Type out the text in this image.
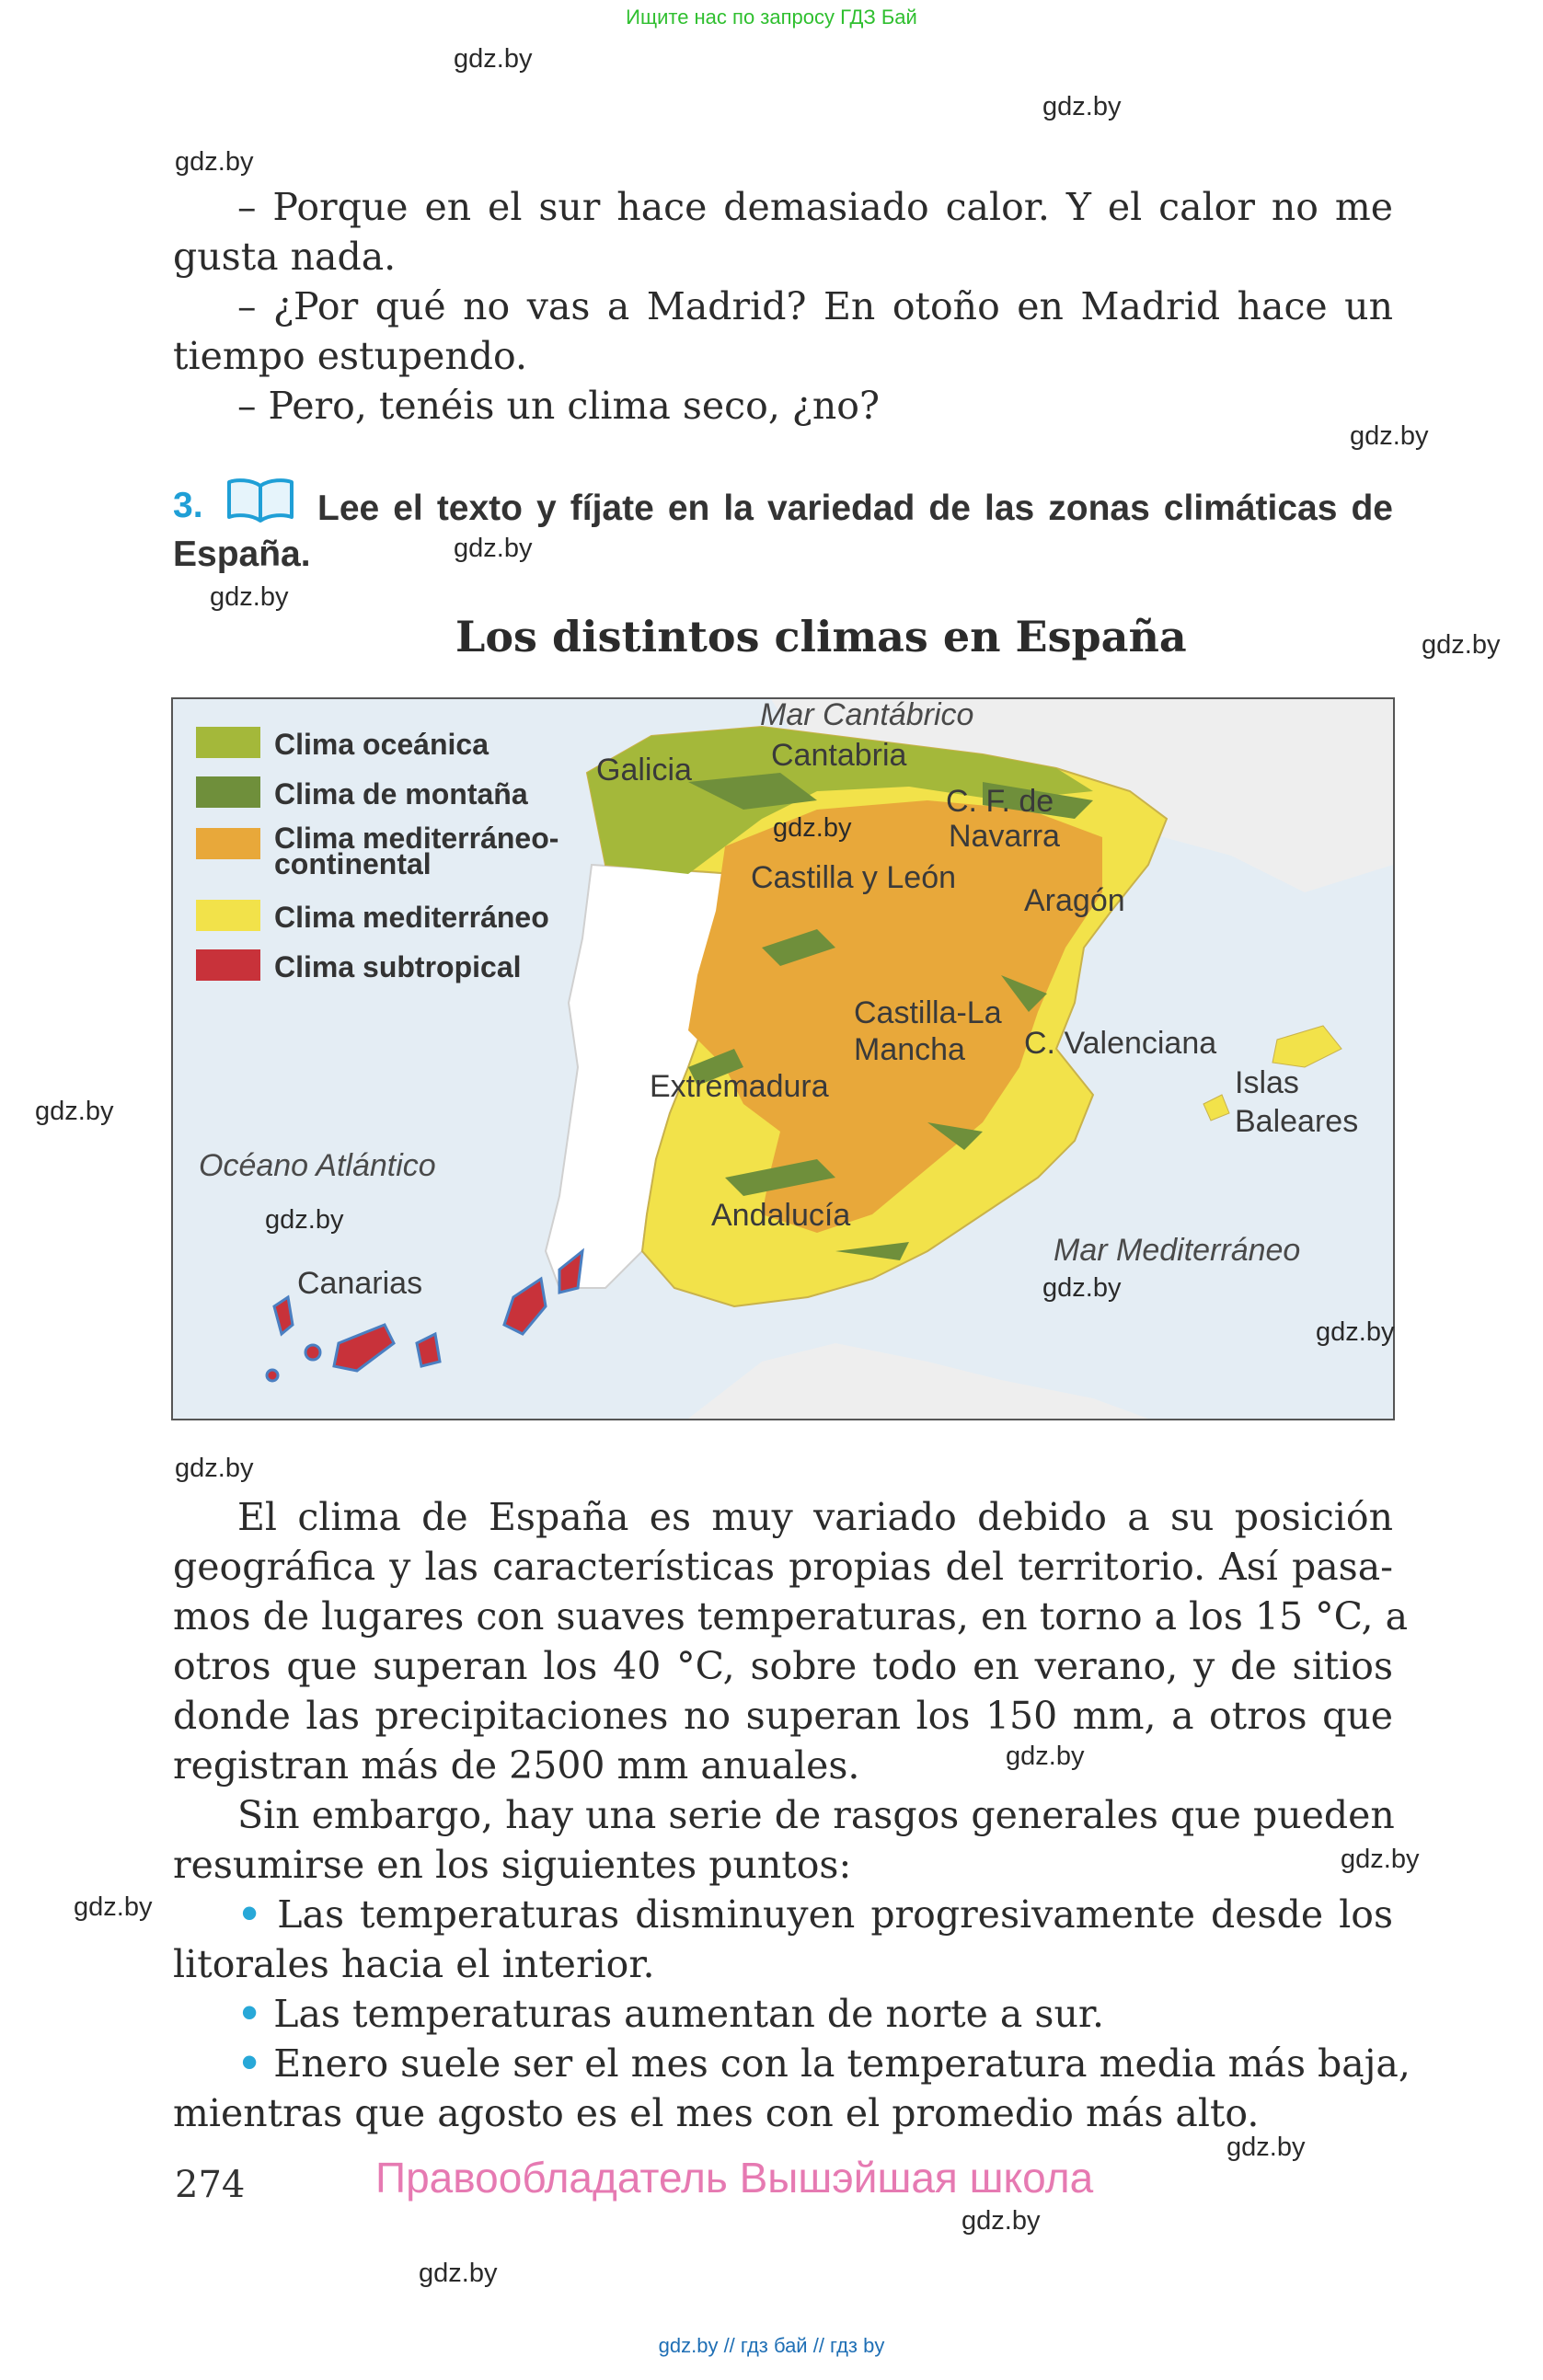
Ищите нас по запросу ГДЗ Бай
gdz.by
gdz.by
gdz.by
gdz.by
gdz.by
gdz.by
gdz.by
gdz.by
gdz.by
gdz.by
gdz.by
gdz.by
gdz.by
gdz.by
gdz.by
– Porque en el sur hace demasiado calor. Y el calor no me
gusta nada.
– ¿Por qué no vas a Madrid? En otoño en Madrid hace un
tiempo estupendo.
– Pero, tenéis un clima seco, ¿no?
3.	Lee el texto y fíjate en la variedad de las zonas climáticas de
España.
Los distintos climas en España
Clima oceánica
Clima de montaña
Clima mediterráneo-
continental
Clima mediterráneo
Clima subtropical
Mar Cantábrico
Océano Atlántico
Mar Mediterráneo
Galicia	Cantabria
C. F. de
Navarra
Castilla y León
Aragón
Castilla-La
Mancha C. Valenciana
Extremadura	Islas
Baleares
Andalucía
Canarias
gdz.by
gdz.by
gdz.by
gdz.by
El clima de España es muy variado debido a su posición
geográfica y las características propias del territorio. Así pasa-
mos de lugares con suaves temperaturas, en torno a los 15 °C, a
otros que superan los 40 °C, sobre todo en verano, y de sitios
donde las precipitaciones no superan los 150 mm, a otros que
registran más de 2500 mm anuales.
Sin embargo, hay una serie de rasgos generales que pueden
resumirse en los siguientes puntos:
• Las temperaturas disminuyen progresivamente desde los
litorales hacia el interior.
• Las temperaturas aumentan de norte a sur.
• Enero suele ser el mes con la temperatura media más baja,
mientras que agosto es el mes con el promedio más alto.
274	Правообладатель Вышэйшая школа
gdz.by // гдз бай // гдз by
